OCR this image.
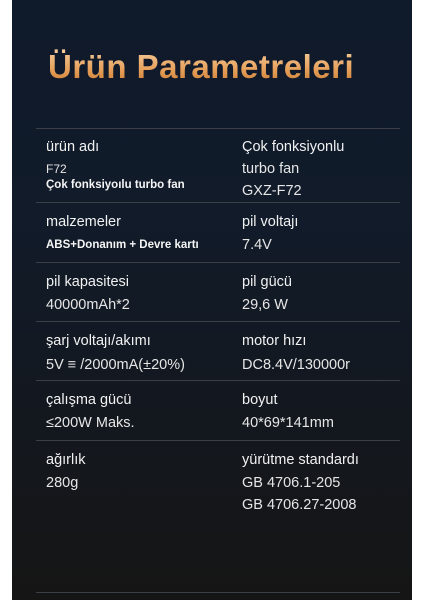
Ürün Parametreleri
ürün adı
F72
Çok fonksiyoılu turbo fan
Çok fonksiyonlu
turbo fan
GXZ-F72
malzemeler
ABS+Donanım + Devre kartı
pil voltajı
7.4V
pil kapasitesi
40000mAh*2
pil gücü
29,6 W
şarj voltajı/akımı
5V ≡ /2000mA(±20%)
motor hızı
DC8.4V/130000r
çalışma gücü
≤200W Maks.
boyut
40*69*141mm
ağırlık
280g
yürütme standardı
GB 4706.1-205
GB 4706.27-2008
